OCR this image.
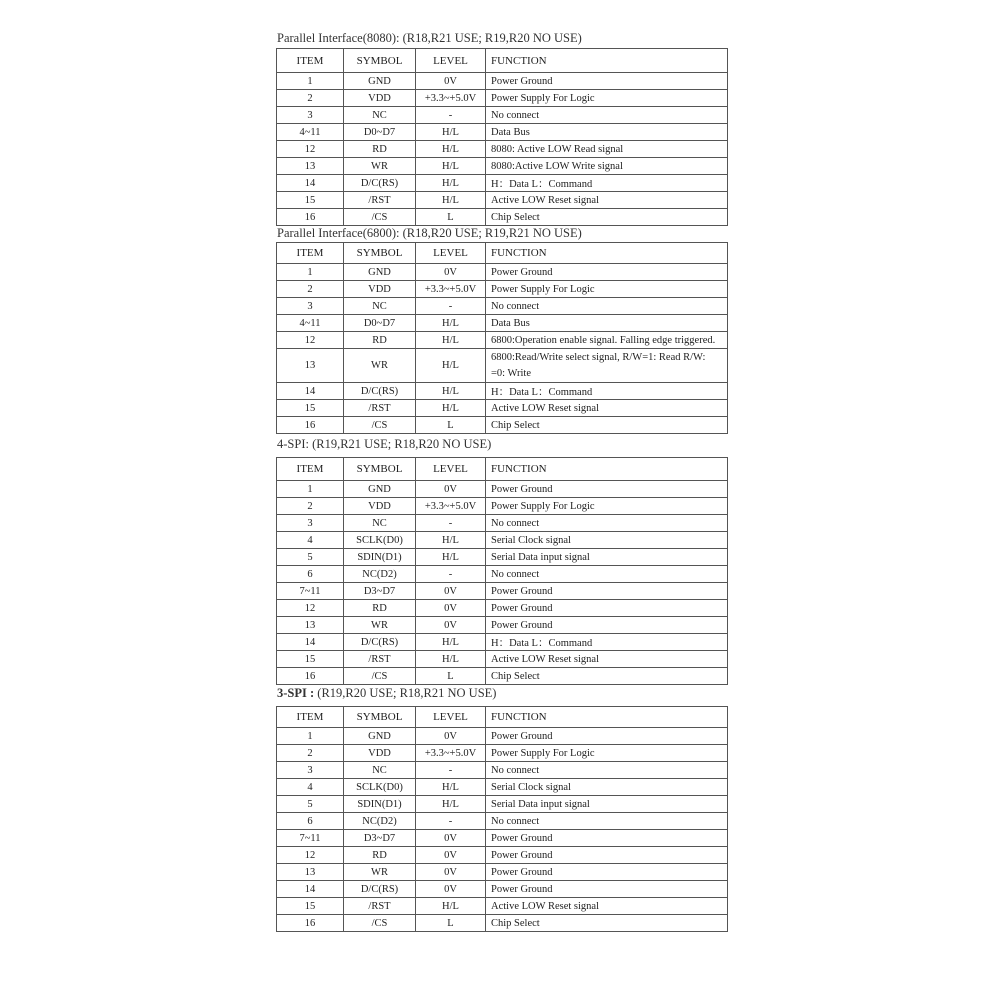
Parallel Interface(8080): (R18,R21 USE; R19,R20 NO USE)
Parallel Interface(6800): (R18,R20 USE; R19,R21 NO USE)
4-SPI: (R19,R21 USE; R18,R20 NO USE)
3-SPI : (R19,R20 USE; R18,R21 NO USE)
ITEM	SYMBOL	LEVEL	FUNCTION
1	GND	0V	Power Ground
2	VDD	+3.3~+5.0V	Power Supply For Logic
3	NC	-	No connect
4~11	D0~D7	H/L	Data Bus
12	RD	H/L	8080: Active LOW Read signal
13	WR	H/L	8080:Active LOW Write signal
14	D/C(RS)	H/L	H：Data L：Command
15	/RST	H/L	Active LOW Reset signal
16	/CS	L	Chip Select
ITEM	SYMBOL	LEVEL	FUNCTION
1	GND	0V	Power Ground
2	VDD	+3.3~+5.0V	Power Supply For Logic
3	NC	-	No connect
4~11	D0~D7	H/L	Data Bus
12	RD	H/L	6800:Operation enable signal. Falling edge triggered.
13	WR	H/L	6800:Read/Write select signal, R/W=1: Read R/W: =0: Write
14	D/C(RS)	H/L	H：Data L：Command
15	/RST	H/L	Active LOW Reset signal
16	/CS	L	Chip Select
ITEM	SYMBOL	LEVEL	FUNCTION
1	GND	0V	Power Ground
2	VDD	+3.3~+5.0V	Power Supply For Logic
3	NC	-	No connect
4	SCLK(D0)	H/L	Serial Clock signal
5	SDIN(D1)	H/L	Serial Data input signal
6	NC(D2)	-	No connect
7~11	D3~D7	0V	Power Ground
12	RD	0V	Power Ground
13	WR	0V	Power Ground
14	D/C(RS)	H/L	H：Data L：Command
15	/RST	H/L	Active LOW Reset signal
16	/CS	L	Chip Select
ITEM	SYMBOL	LEVEL	FUNCTION
1	GND	0V	Power Ground
2	VDD	+3.3~+5.0V	Power Supply For Logic
3	NC	-	No connect
4	SCLK(D0)	H/L	Serial Clock signal
5	SDIN(D1)	H/L	Serial Data input signal
6	NC(D2)	-	No connect
7~11	D3~D7	0V	Power Ground
12	RD	0V	Power Ground
13	WR	0V	Power Ground
14	D/C(RS)	0V	Power Ground
15	/RST	H/L	Active LOW Reset signal
16	/CS	L	Chip Select
